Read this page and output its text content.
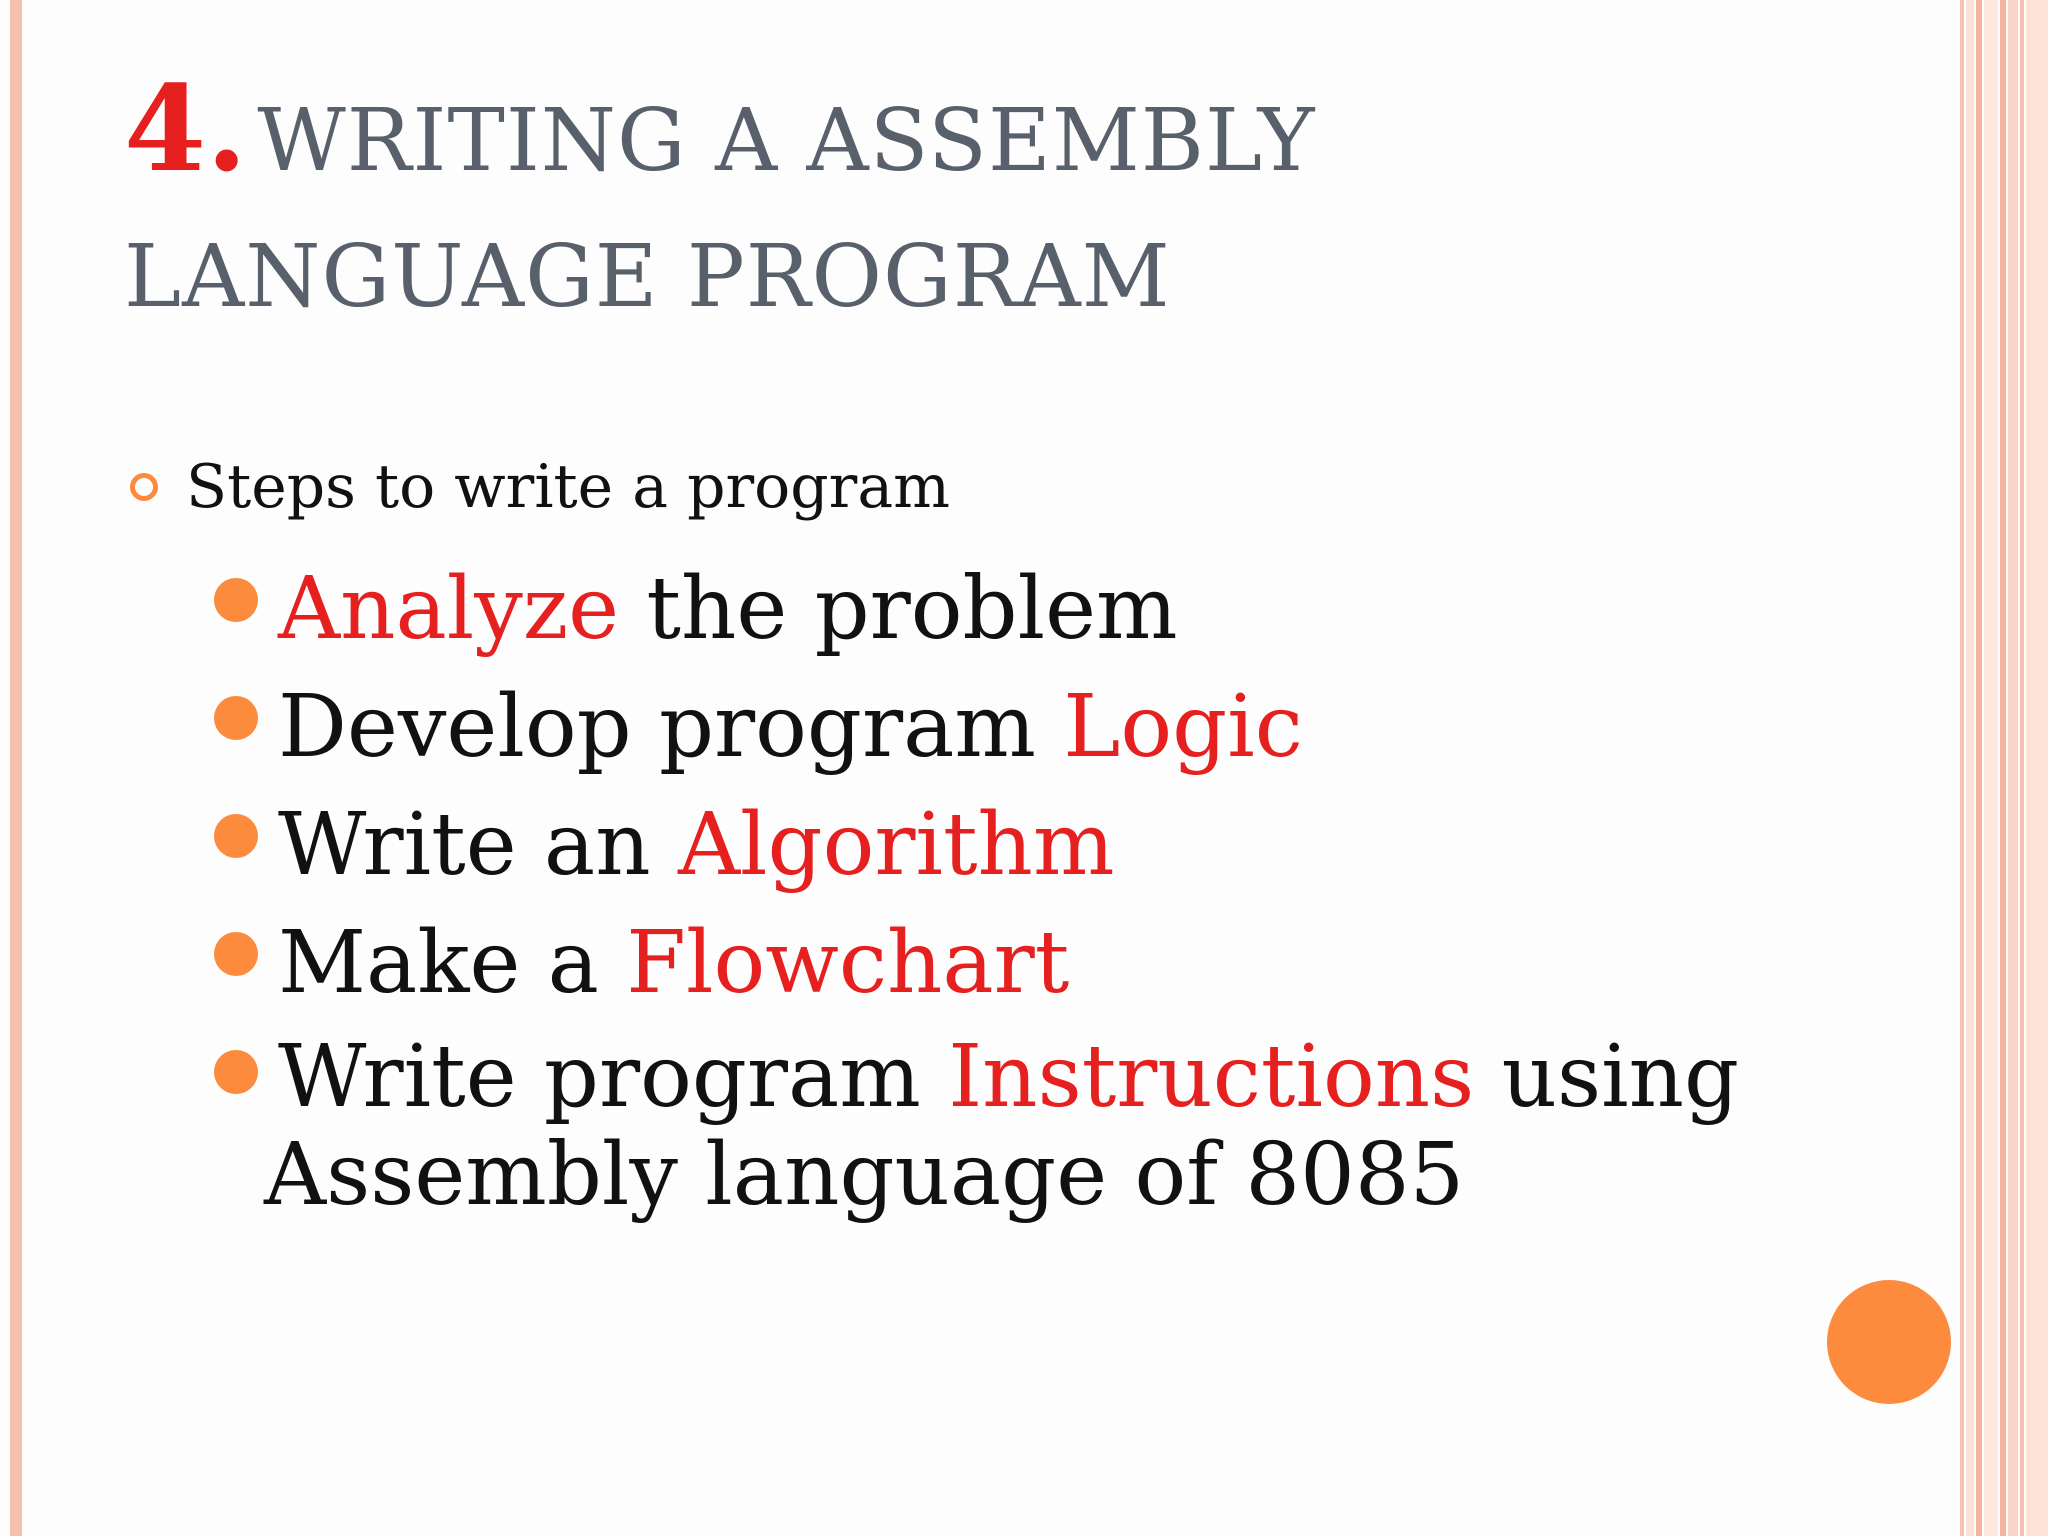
4. WRITING A ASSEMBLY
LANGUAGE PROGRAM
Steps to write a program
Analyze the problem
Develop program Logic
Write an Algorithm
Make a Flowchart
Write program Instructions using
Assembly language of 8085
